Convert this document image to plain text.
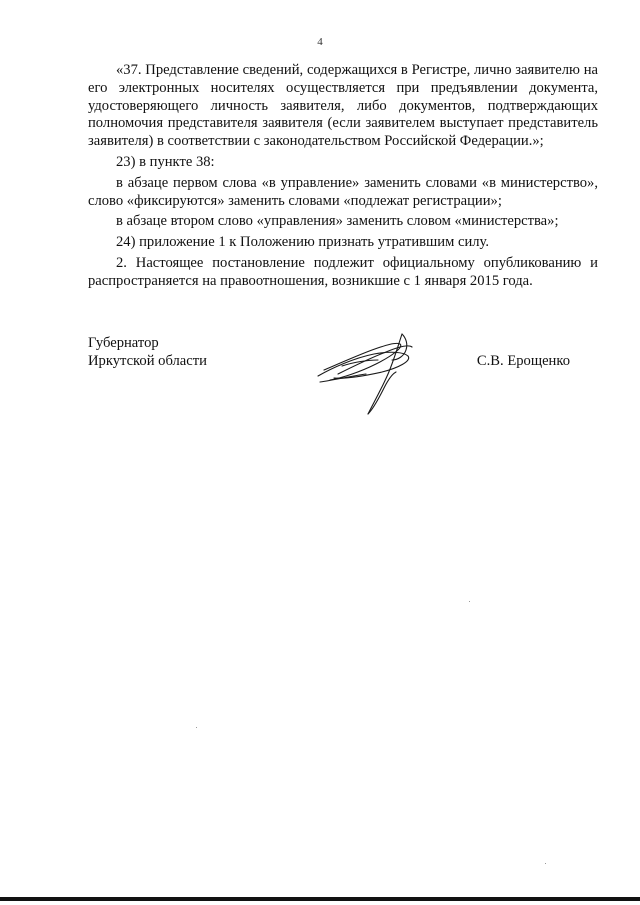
4

«37. Представление сведений, содержащихся в Регистре, лично заявителю на его электронных носителях осуществляется при предъявлении документа, удостоверяющего личность заявителя, либо документов, подтверждающих полномочия представителя заявителя (если заявителем выступает представитель заявителя) в соответствии с законодательством Российской Федерации.»;

23) в пункте 38:

в абзаце первом слова «в управление» заменить словами «в министерство», слово «фиксируются» заменить словами «подлежат регистрации»;

в абзаце втором слово «управления» заменить словом «министерства»;

24) приложение 1 к Положению признать утратившим силу.

2. Настоящее постановление подлежит официальному опубликованию и распространяется на правоотношения, возникшие с 1 января 2015 года.

Губернатор
Иркутской области	С.В. Ерощенко
